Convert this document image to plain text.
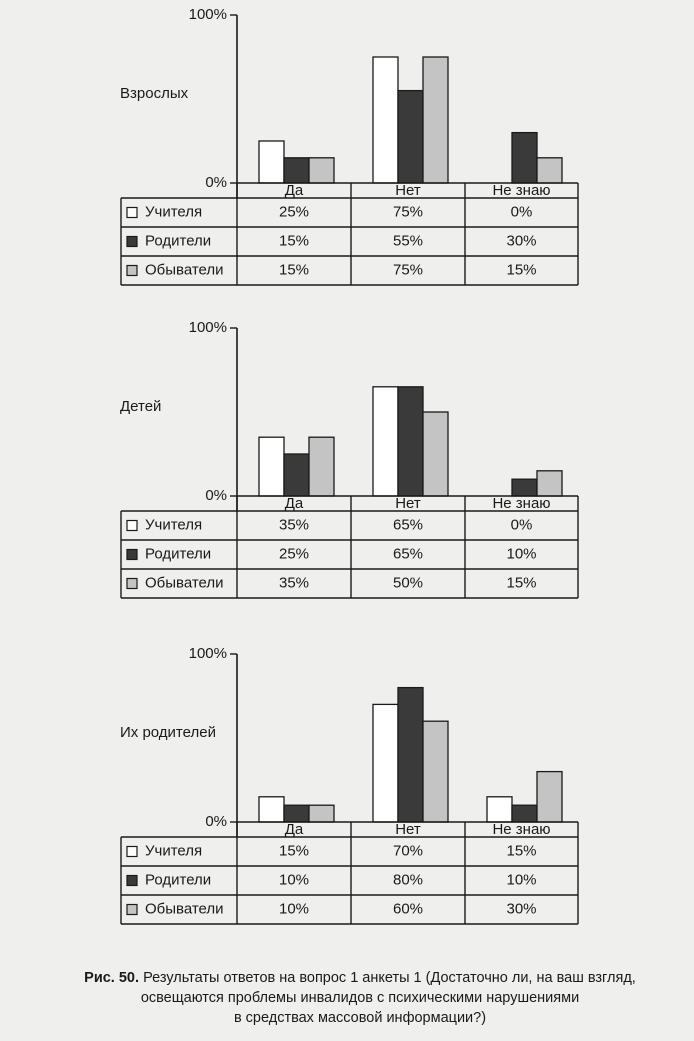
100%
0%
Взрослых
Да	Нет	Не знаю
Учителя	25%	75%	0%
Родители	15%	55%	30%
Обыватели	15%	75%	15%
100%
0%
Детей
Да	Нет	Не знаю
Учителя	35%	65%	0%
Родители	25%	65%	10%
Обыватели	35%	50%	15%
100%
0%
Их родителей
Да	Нет	Не знаю
Учителя	15%	70%	15%
Родители	10%	80%	10%
Обыватели	10%	60%	30%
Рис. 50. Результаты ответов на вопрос 1 анкеты 1 (Достаточно ли, на ваш взгляд,
освещаются проблемы инвалидов с психическими нарушениями
в средствах массовой информации?)
